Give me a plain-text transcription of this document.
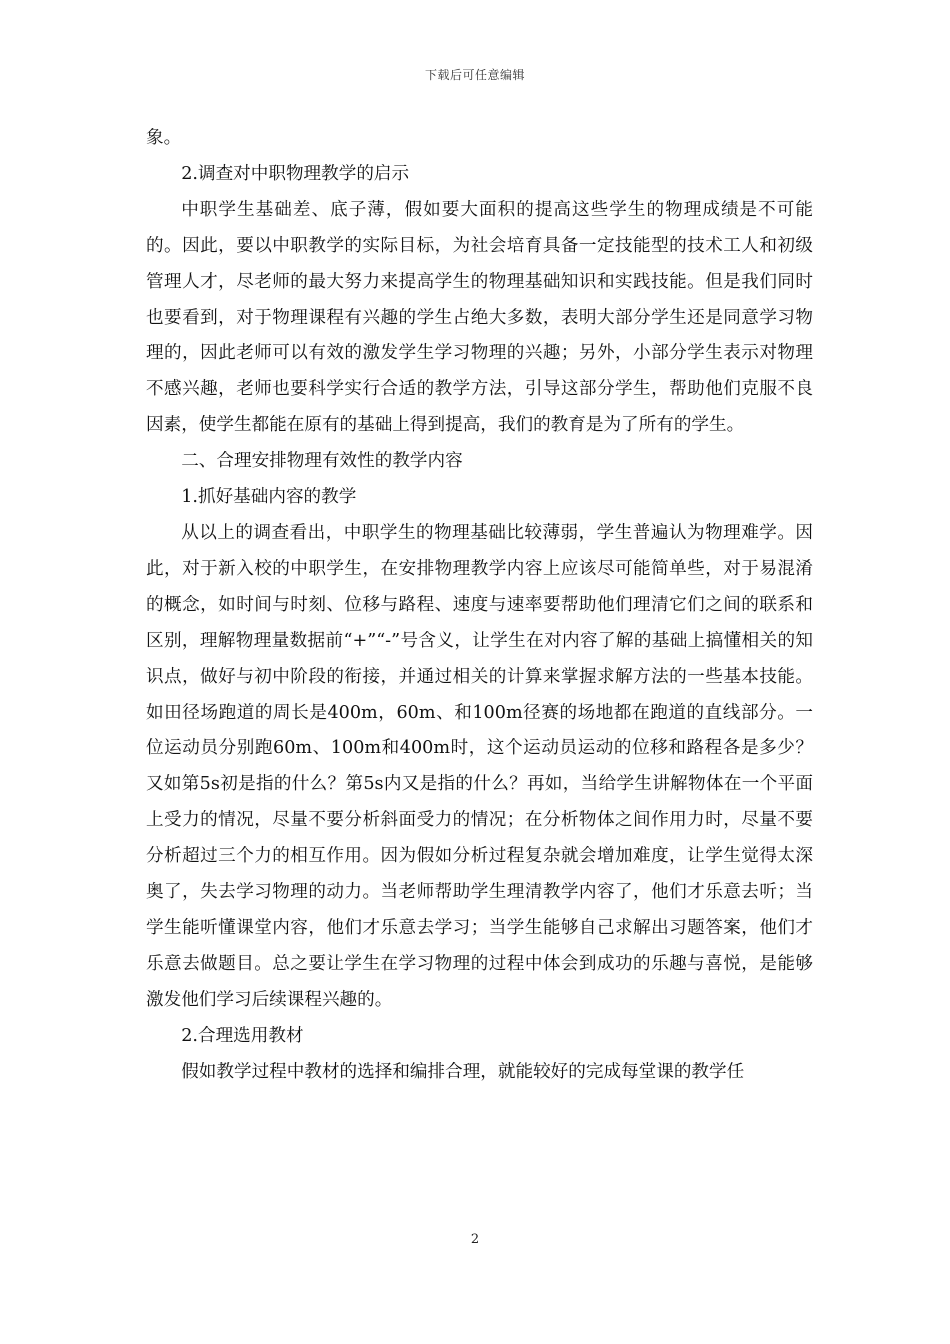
下载后可任意编辑

象。

2.调查对中职物理教学的启示

中职学生基础差、底子薄，假如要大面积的提高这些学生的物理成绩是不可能的。因此，要以中职教学的实际目标，为社会培育具备一定技能型的技术工人和初级管理人才，尽老师的最大努力来提高学生的物理基础知识和实践技能。但是我们同时也要看到，对于物理课程有兴趣的学生占绝大多数，表明大部分学生还是同意学习物理的，因此老师可以有效的激发学生学习物理的兴趣；另外，小部分学生表示对物理不感兴趣，老师也要科学实行合适的教学方法，引导这部分学生，帮助他们克服不良因素，使学生都能在原有的基础上得到提高，我们的教育是为了所有的学生。

二、合理安排物理有效性的教学内容

1.抓好基础内容的教学

从以上的调查看出，中职学生的物理基础比较薄弱，学生普遍认为物理难学。因此，对于新入校的中职学生，在安排物理教学内容上应该尽可能简单些，对于易混淆的概念，如时间与时刻、位移与路程、速度与速率要帮助他们理清它们之间的联系和区别，理解物理量数据前“+”“-”号含义，让学生在对内容了解的基础上搞懂相关的知识点，做好与初中阶段的衔接，并通过相关的计算来掌握求解方法的一些基本技能。如田径场跑道的周长是400m，60m、和100m径赛的场地都在跑道的直线部分。一位运动员分别跑60m、100m和400m时，这个运动员运动的位移和路程各是多少？又如第5s初是指的什么？第5s内又是指的什么？再如，当给学生讲解物体在一个平面上受力的情况，尽量不要分析斜面受力的情况；在分析物体之间作用力时，尽量不要分析超过三个力的相互作用。因为假如分析过程复杂就会增加难度，让学生觉得太深奥了，失去学习物理的动力。当老师帮助学生理清教学内容了，他们才乐意去听；当学生能听懂课堂内容，他们才乐意去学习；当学生能够自己求解出习题答案，他们才乐意去做题目。总之要让学生在学习物理的过程中体会到成功的乐趣与喜悦，是能够激发他们学习后续课程兴趣的。

2.合理选用教材

假如教学过程中教材的选择和编排合理，就能较好的完成每堂课的教学任

2
